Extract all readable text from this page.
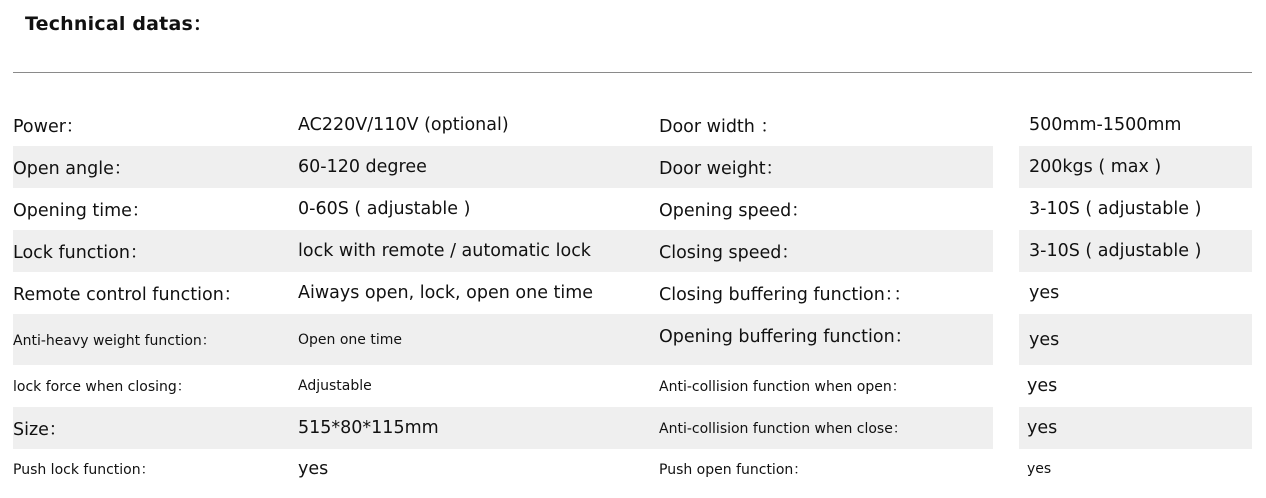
Technical datas：
Power：	AC220V/110V (optional)	Door width ：	500mm-1500mm
Open angle：	60-120 degree	Door weight：	200kgs ( max )
Opening time：	0-60S ( adjustable )	Opening speed：	3-10S ( adjustable )
Lock function：	lock with remote / automatic lock	Closing speed：	3-10S ( adjustable )
Remote control function：	Aiways open, lock, open one time	Closing buffering function：：	yes
Anti-heavy weight function：	Open one time	Opening buffering function：	yes
lock force when closing：	Adjustable	Anti-collision function when open：	yes
Size：	515*80*115mm	Anti-collision function when close：	yes
Push lock function：	yes	Push open function：	yes
